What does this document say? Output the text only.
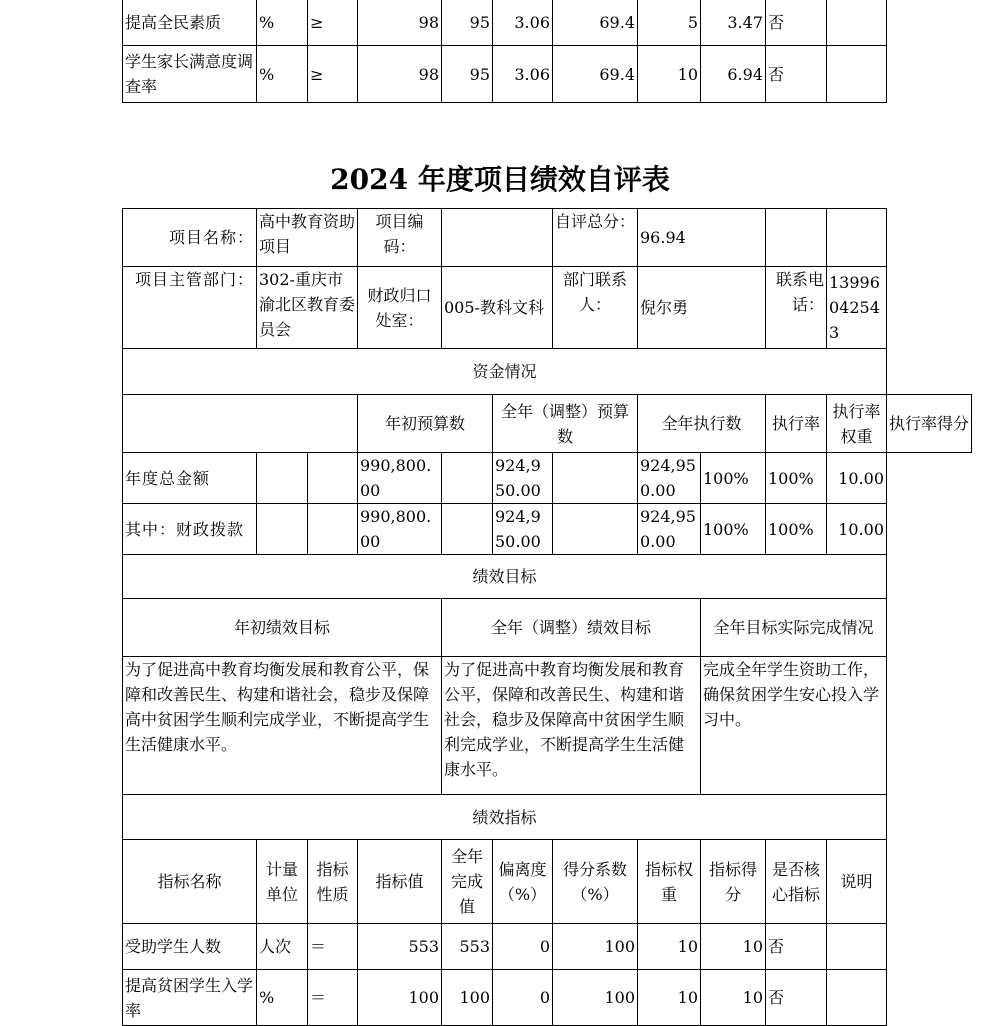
提高全民素质	%	≥	98	95	3.06	69.4	5	3.47	否	
学生家长满意度调查率	%	≥	98	95	3.06	69.4	10	6.94	否	
2024 年度项目绩效自评表
项目名称：	高中教育资助项目		项目编码：			自评总分：	96.94				
项目主管部门：	302-重庆市渝北区教育委员会		财政归口处室：	005-教科文科		部门联系人：	倪尔勇		联系电话：	13996042543	
资金情况											
			年初预算数		全年（调整）预算数		全年执行数		执行率	执行率权重	执行率得分
年度总金额			990,800.00		924,950.00		924,950.00	100%	100%	10.00	
其中：财政拨款			990,800.00		924,950.00		924,950.00	100%	100%	10.00	
绩效目标											
年初绩效目标				全年（调整）绩效目标				全年目标实际完成情况			
为了促进高中教育均衡发展和教育公平，保障和改善民生、构建和谐社会，稳步及保障高中贫困学生顺利完成学业，不断提高学生生活健康水平。				为了促进高中教育均衡发展和教育公平，保障和改善民生、构建和谐社会，稳步及保障高中贫困学生顺利完成学业，不断提高学生生活健康水平。				完成全年学生资助工作，确保贫困学生安心投入学习中。			
绩效指标											
指标名称	计量单位	指标性质	指标值	全年完成值	偏离度（%）	得分系数（%）	指标权重	指标得分	是否核心指标	说明	
受助学生人数	人次	＝	553	553	0	100	10	10	否		
提高贫困学生入学率	%	＝	100	100	0	100	10	10	否		
